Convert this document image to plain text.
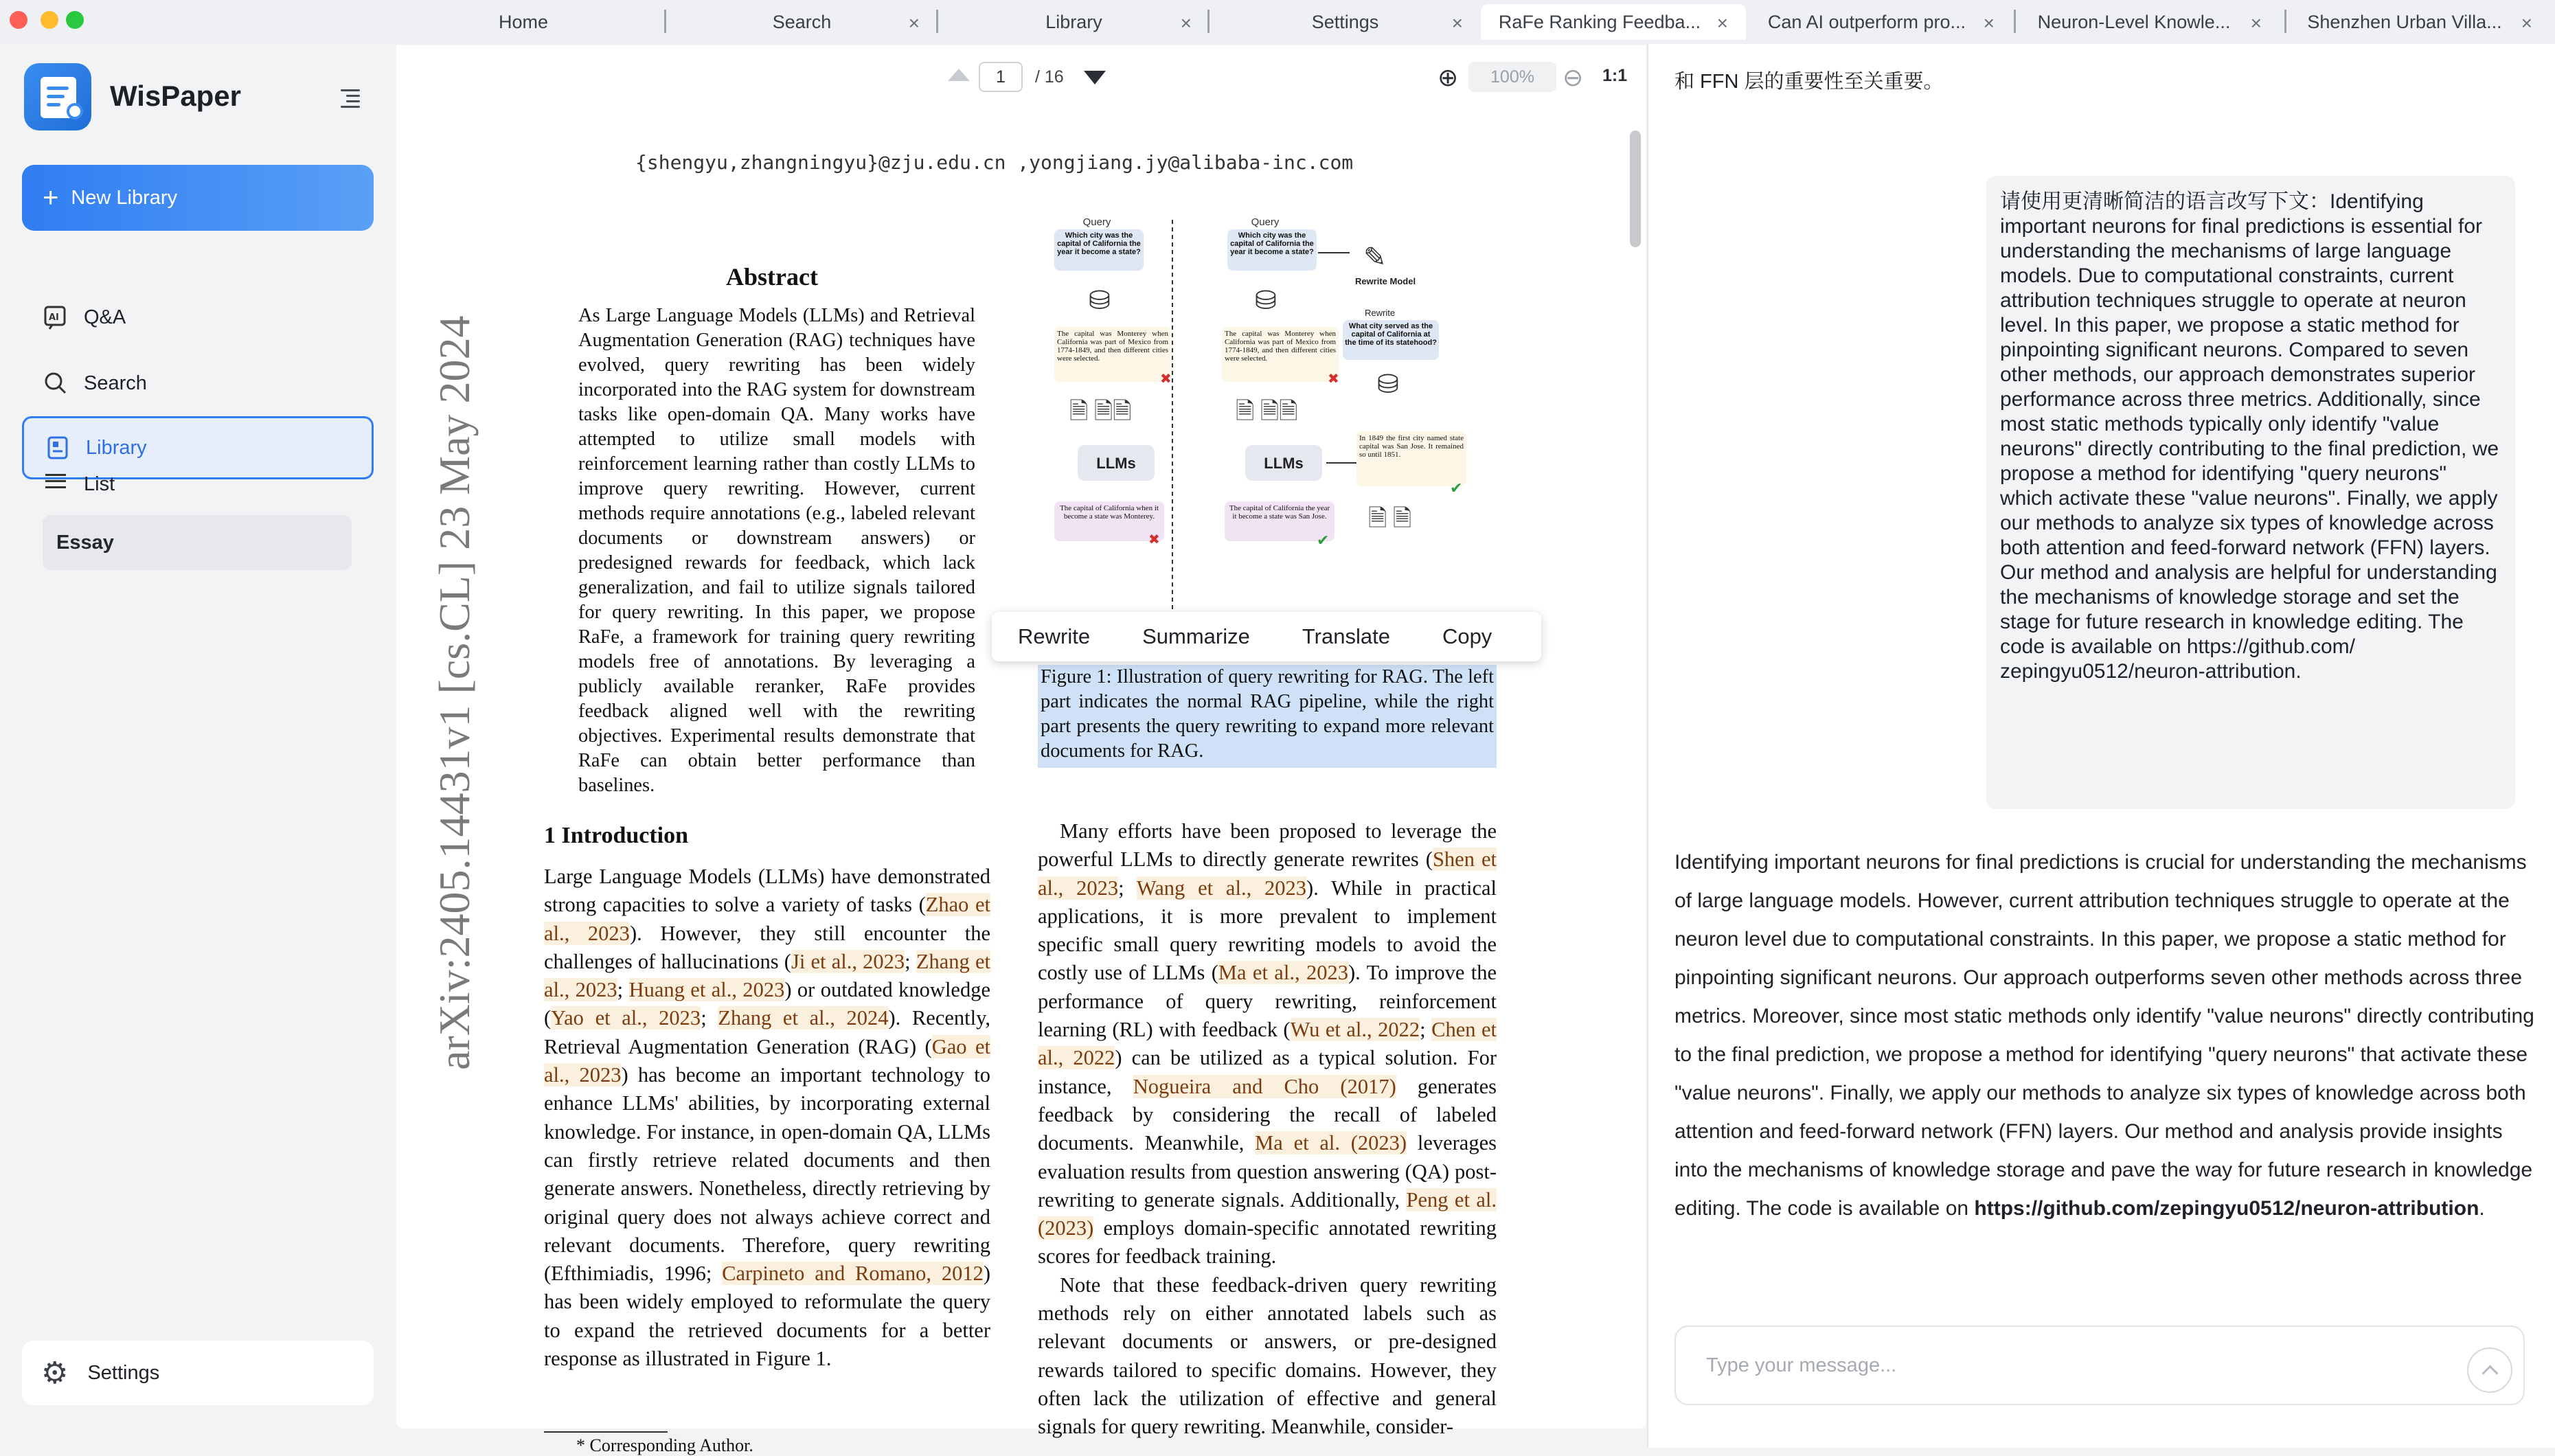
Home	Search	×	Library	×	Settings	× RaFe Ranking Feedba... × Can AI outperform pro... × Neuron-Level Knowle... × Shenzhen Urban Villa... ×
WisPaper
+ New Library
AI Q&A
Search
Library
List
Essay
⚙ Settings
1	/ 16	⊕	100%	⊖ 1:1
{shengyu,zhangningyu}@zju.edu.cn ,yongjiang.jy@alibaba-inc.com
arXiv:2405.14431v1 [cs.CL] 23 May 2024
Abstract
As Large Language Models (LLMs) and Retrieval Augmentation Generation (RAG) techniques have evolved, query rewriting has been widely incorporated into the RAG system for downstream tasks like open-domain QA. Many works have attempted to utilize small models with reinforcement learning rather than costly LLMs to improve query rewriting. However, current methods require annotations (e.g., labeled relevant documents or downstream answers) or predesigned rewards for feedback, which lack generalization, and fail to utilize signals tailored for query rewriting. In this paper, we propose RaFe, a framework for training query rewriting models free of annotations. By leveraging a publicly available reranker, RaFe provides feedback aligned well with the rewriting objectives. Experimental results demonstrate that RaFe can obtain better performance than baselines.
1 Introduction
Large Language Models (LLMs) have demonstrated strong capacities to solve a variety of tasks (Zhao et al., 2023). However, they still encounter the challenges of hallucinations (Ji et al., 2023; Zhang et al., 2023; Huang et al., 2023) or outdated knowledge (Yao et al., 2023; Zhang et al., 2024). Recently, Retrieval Augmentation Generation (RAG) (Gao et al., 2023) has become an important technology to enhance LLMs' abilities, by incorporating external knowledge. For instance, in open-domain QA, LLMs can firstly retrieve related documents and then generate answers. Nonetheless, directly retrieving by original query does not always achieve correct and relevant documents. Therefore, query rewriting (Efthimiadis, 1996; Carpineto and Romano, 2012) has been widely employed to reformulate the query to expand the retrieved documents for a better response as illustrated in Figure 1.
* Corresponding Author.
Query
Which city was the capital of California the year it become a state?
⛁
The capital was Monterey when California was part of Mexico from 1774-1849, and then different cities were selected.
✖
🗎 🗎🗎
LLMs
The capital of California when it become a state was Monterey.
✖
Query
Which city was the capital of California the year it become a state?
⛁
The capital was Monterey when California was part of Mexico from 1774-1849, and then different cities were selected.
✖
🗎 🗎🗎
LLMs
The capital of California the year it become a state was San Jose.
✔
✎
Rewrite Model
Rewrite
What city served as the capital of California at the time of its statehood?
⛁
In 1849 the first city named state capital was San Jose. It remained so until 1851.
✔
🗎 🗎
Figure 1: Illustration of query rewriting for RAG. The left part indicates the normal RAG pipeline, while the right part presents the query rewriting to expand more relevant documents for RAG.

Many efforts have been proposed to leverage the powerful LLMs to directly generate rewrites (Shen et al., 2023; Wang et al., 2023). While in practical applications, it is more prevalent to implement specific small query rewriting models to avoid the costly use of LLMs (Ma et al., 2023). To improve the performance of query rewriting, reinforcement learning (RL) with feedback (Wu et al., 2022; Chen et al., 2022) can be utilized as a typical solution. For instance, Nogueira and Cho (2017) generates feedback by considering the recall of labeled documents. Meanwhile, Ma et al. (2023) leverages evaluation results from question answering (QA) post-rewriting to generate signals. Additionally, Peng et al. (2023) employs domain-specific annotated rewriting scores for feedback training.

Note that these feedback-driven query rewriting methods rely on either annotated labels such as relevant documents or answers, or pre-designed rewards tailored to specific domains. However, they often lack the utilization of effective and general signals for query rewriting. Meanwhile, consider-

Rewrite	Summarize	Translate	Copy
和 FFN 层的重要性至关重要。
请使用更清晰简洁的语言改写下文：Identifying important neurons for final predictions is essential for understanding the mechanisms of large language models. Due to computational constraints, current attribution techniques struggle to operate at neuron level. In this paper, we propose a static method for pinpointing significant neurons. Compared to seven other methods, our approach demonstrates superior performance across three metrics. Additionally, since most static methods typically only identify "value neurons" directly contributing to the final prediction, we propose a method for identifying "query neurons" which activate these "value neurons". Finally, we apply our methods to analyze six types of knowledge across both attention and feed-forward network (FFN) layers. Our method and analysis are helpful for understanding the mechanisms of knowledge storage and set the stage for future research in knowledge editing. The code is available on https://github.com/ zepingyu0512/neuron-attribution.
Identifying important neurons for final predictions is crucial for understanding the mechanisms of large language models. However, current attribution techniques struggle to operate at the neuron level due to computational constraints. In this paper, we propose a static method for pinpointing significant neurons. Our approach outperforms seven other methods across three metrics. Moreover, since most static methods only identify "value neurons" directly contributing to the final prediction, we propose a method for identifying "query neurons" that activate these "value neurons". Finally, we apply our methods to analyze six types of knowledge across both attention and feed-forward network (FFN) layers. Our method and analysis provide insights into the mechanisms of knowledge storage and pave the way for future research in knowledge editing. The code is available on https://github.com/zepingyu0512/neuron-attribution.
Type your message...
